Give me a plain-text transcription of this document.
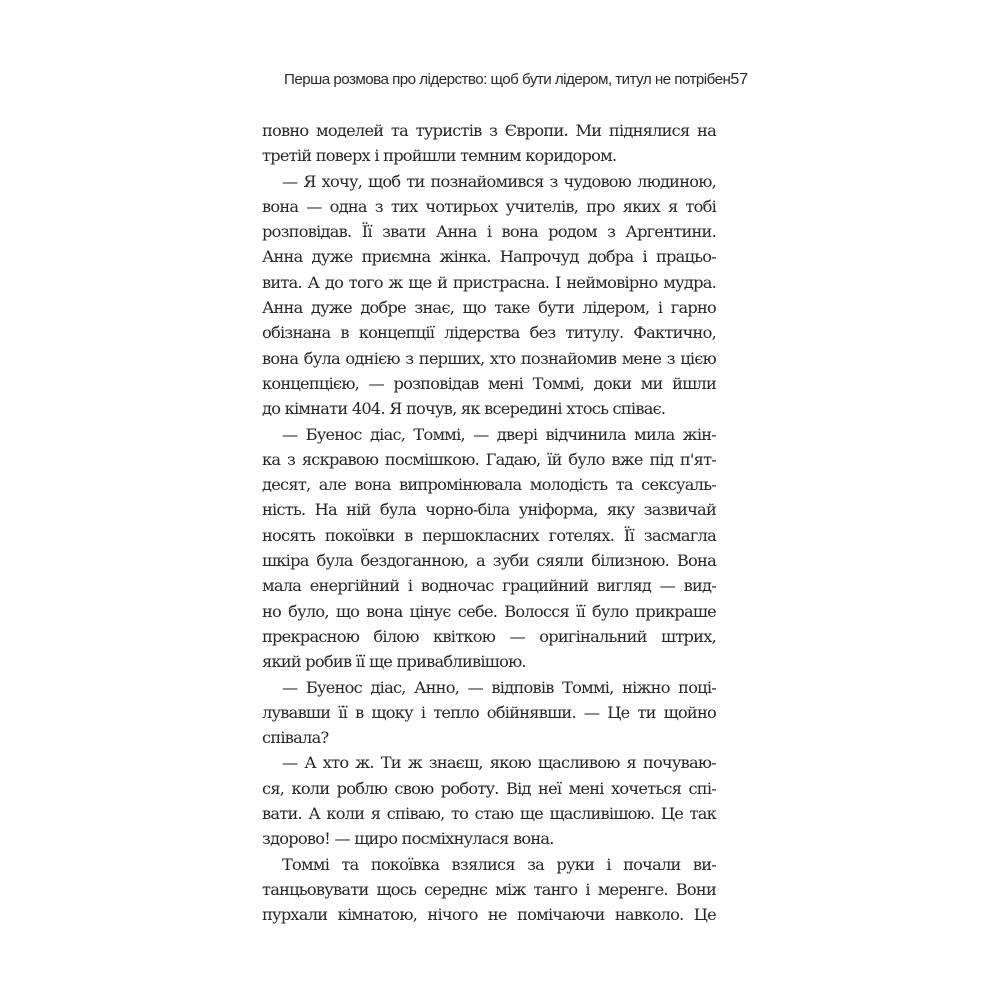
Перша розмова про лідерство: щоб бути лідером, титул не потрібен 57
повно моделей та туристів з Європи. Ми піднялися на
третій поверх і пройшли темним коридором.
— Я хочу, щоб ти познайомився з чудовою людиною,
вона — одна з тих чотирьох учителів, про яких я тобі
розповідав. Її звати Анна і вона родом з Аргентини.
Анна дуже приємна жінка. Напрочуд добра і працьо-
вита. А до того ж ще й пристрасна. І неймовірно мудра.
Анна дуже добре знає, що таке бути лідером, і гарно
обізнана в концепції лідерства без титулу. Фактично,
вона була однією з перших, хто познайомив мене з цією
концепцією, — розповідав мені Томмі, доки ми йшли
до кімнати 404. Я почув, як всередині хтось співає.
— Буенос діас, Томмі, — двері відчинила мила жін-
ка з яскравою посмішкою. Гадаю, їй було вже під п'ят-
десят, але вона випромінювала молодість та сексуаль-
ність. На ній була чорно-біла уніформа, яку зазвичай
носять покоївки в першокласних готелях. Її засмагла
шкіра була бездоганною, а зуби сяяли білизною. Вона
мала енергійний і водночас грацийний вигляд — вид-
но було, що вона цінує себе. Волосся її було прикраше
прекрасною білою квіткою — оригінальний штрих,
який робив її ще привабливішою.
— Буенос діас, Анно, — відповів Томмі, ніжно поці-
лувавши її в щоку і тепло обійнявши. — Це ти щойно
співала?
— А хто ж. Ти ж знаєш, якою щасливою я почуваю-
ся, коли роблю свою роботу. Від неї мені хочеться спі-
вати. А коли я співаю, то стаю ще щасливішою. Це так
здорово! — щиро посміхнулася вона.
Томмі та покоївка взялися за руки і почали ви-
танцьовувати щось середнє між танго і меренге. Вони
пурхали кімнатою, нічого не помічаючи навколо. Це
